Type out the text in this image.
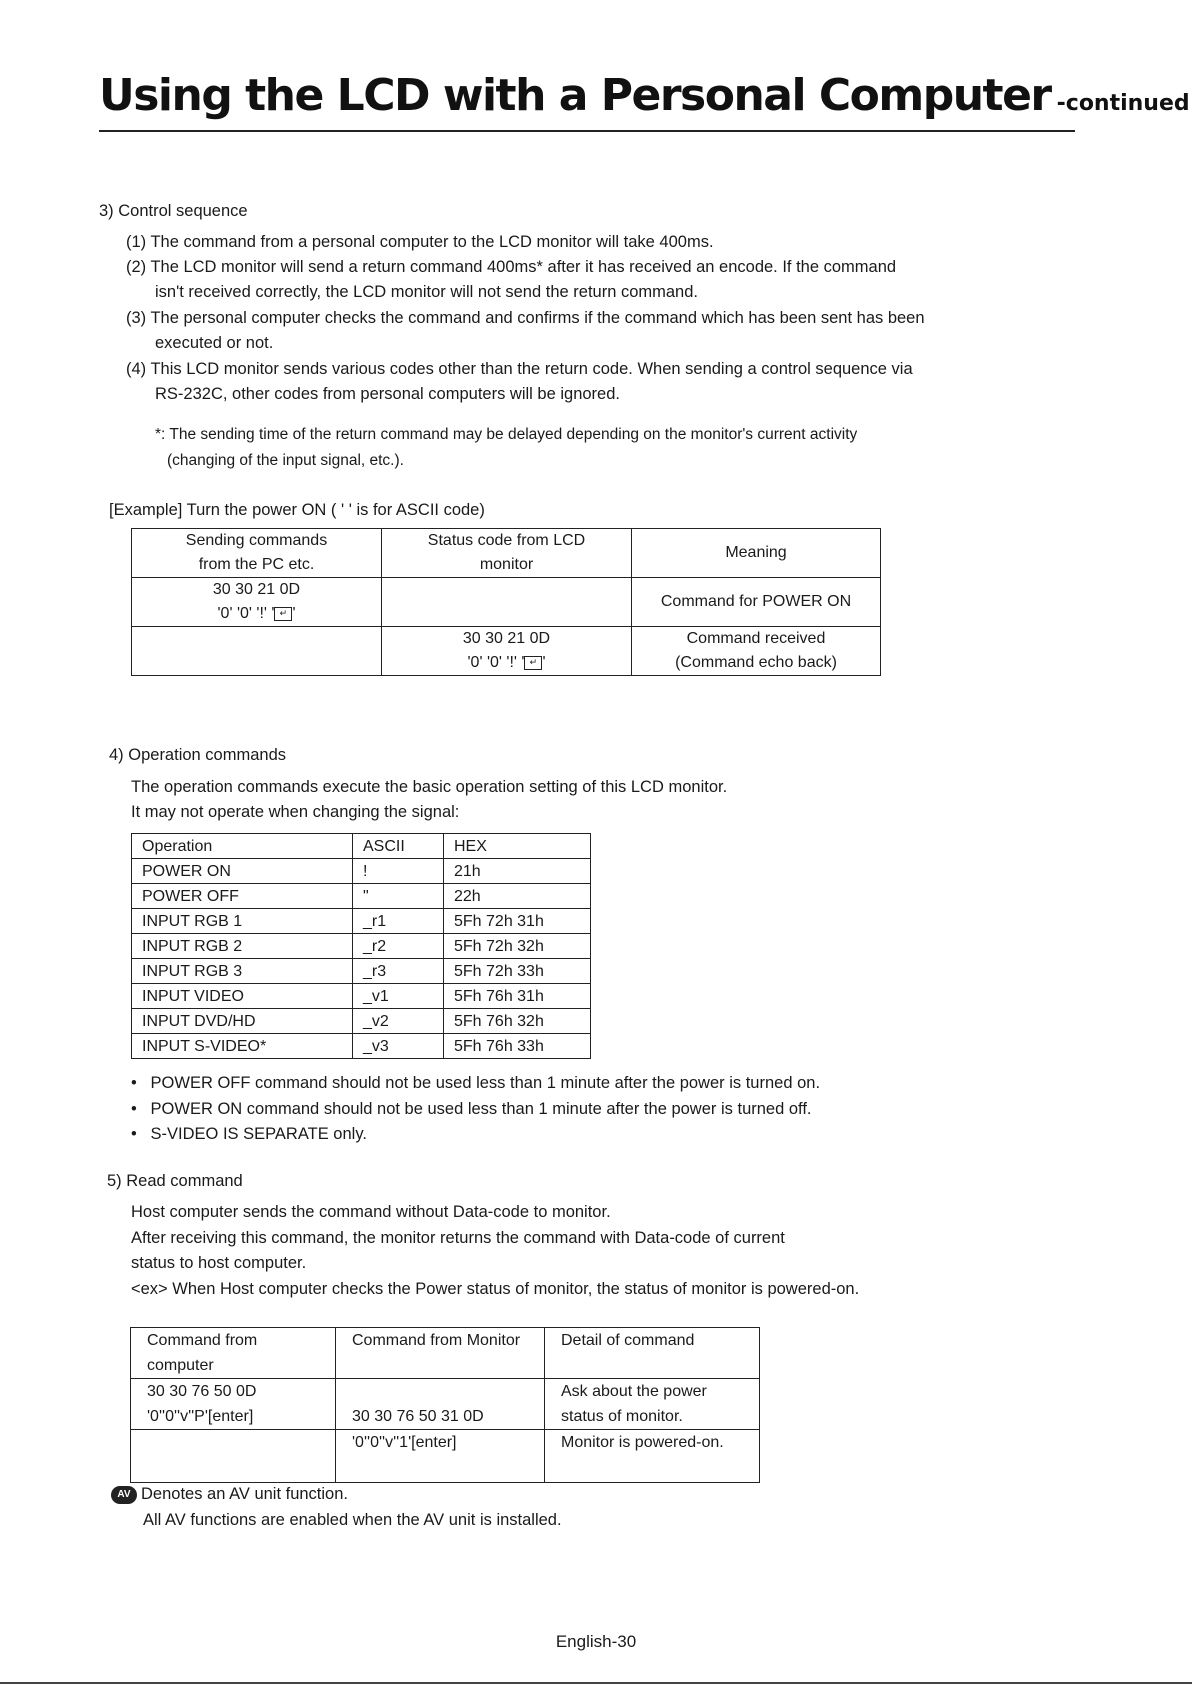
Using the LCD with a Personal Computer -continued
3) Control sequence
(1) The command from a personal computer to the LCD monitor will take 400ms.
(2) The LCD monitor will send a return command 400ms* after it has received an encode. If the command
isn't received correctly, the LCD monitor will not send the return command.
(3) The personal computer checks the command and confirms if the command which has been sent has been
executed or not.
(4) This LCD monitor sends various codes other than the return code. When sending a control sequence via
RS-232C, other codes from personal computers will be ignored.
*: The sending time of the return command may be delayed depending on the monitor's current activity
(changing of the input signal, etc.).
[Example] Turn the power ON ( ' ' is for ASCII code)
Sending commands
from the PC etc.	Status code from LCD
monitor	Meaning
30 30 21 0D
'0' '0' '!' ' ↵ '		Command for POWER ON
	30 30 21 0D
'0' '0' '!' ' ↵ '	Command received
(Command echo back)
4) Operation commands
The operation commands execute the basic operation setting of this LCD monitor.
It may not operate when changing the signal:
Operation	ASCII	HEX
POWER ON	!	21h
POWER OFF	"	22h
INPUT RGB 1	_r1	5Fh 72h 31h
INPUT RGB 2	_r2	5Fh 72h 32h
INPUT RGB 3	_r3	5Fh 72h 33h
INPUT VIDEO	_v1	5Fh 76h 31h
INPUT DVD/HD	_v2	5Fh 76h 32h
INPUT S-VIDEO*	_v3	5Fh 76h 33h
•   POWER OFF command should not be used less than 1 minute after the power is turned on.
•   POWER ON command should not be used less than 1 minute after the power is turned off.
•   S-VIDEO IS SEPARATE only.
5) Read command
Host computer sends the command without Data-code to monitor.
After receiving this command, the monitor returns the command with Data-code of current
status to host computer.
<ex> When Host computer checks the Power status of monitor, the status of monitor is powered-on.
Command from computer	Command from Monitor	Detail of command
30 30 76 50 0D
'0''0''v''P'[enter]	30 30 76 50 31 0D	Ask about the power
status of monitor.
	'0''0''v''1'[enter]	Monitor is powered-on.
AV Denotes an AV unit function.
All AV functions are enabled when the AV unit is installed.
English-30
